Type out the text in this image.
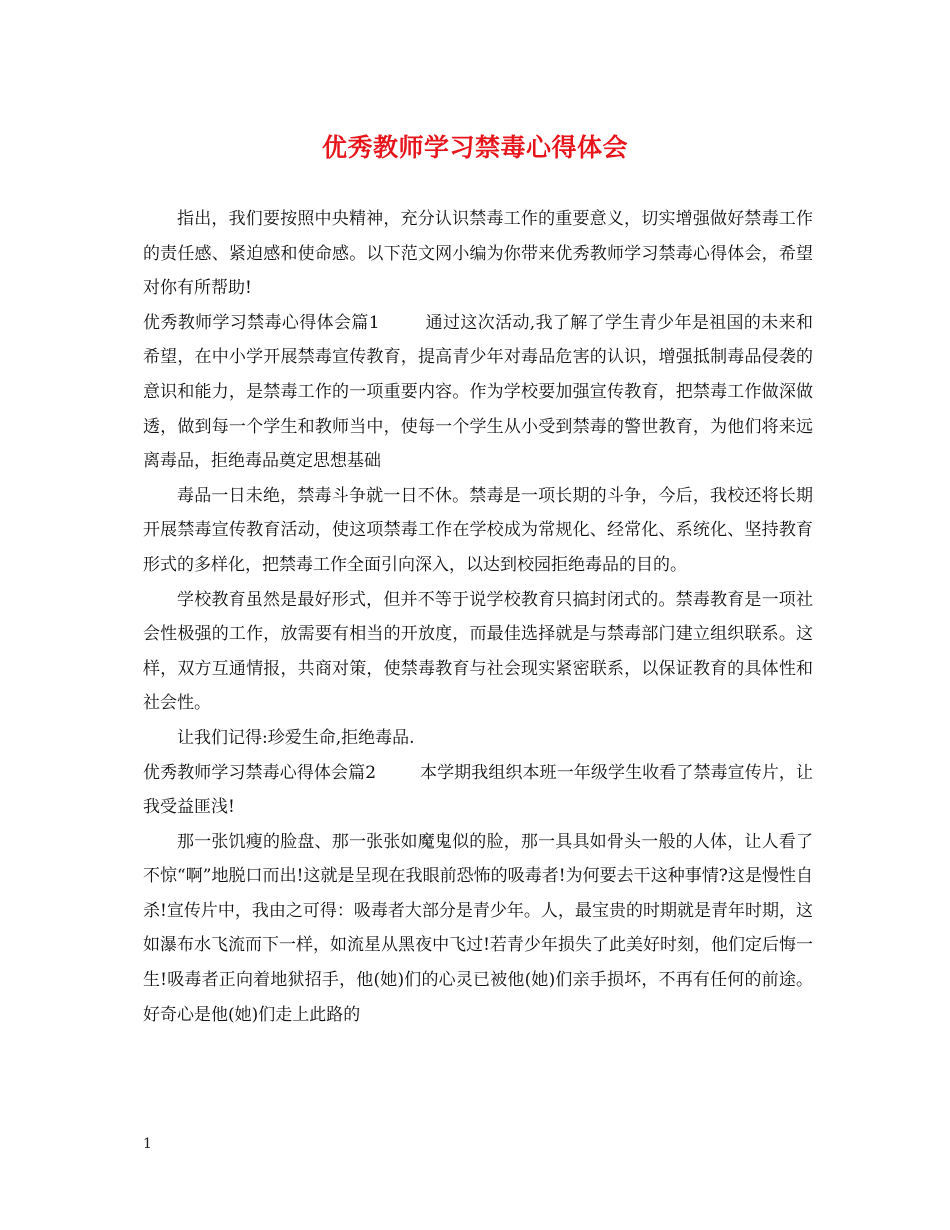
优秀教师学习禁毒心得体会

指出，我们要按照中央精神，充分认识禁毒工作的重要意义，切实增强做好禁毒工作的责任感、紧迫感和使命感。以下范文网小编为你带来优秀教师学习禁毒心得体会，希望对你有所帮助!

优秀教师学习禁毒心得体会篇1	通过这次活动,我了解了学生青少年是祖国的未来和希望，在中小学开展禁毒宣传教育，提高青少年对毒品危害的认识，增强抵制毒品侵袭的意识和能力，是禁毒工作的一项重要内容。作为学校要加强宣传教育，把禁毒工作做深做透，做到每一个学生和教师当中，使每一个学生从小受到禁毒的警世教育，为他们将来远离毒品，拒绝毒品奠定思想基础

毒品一日未绝，禁毒斗争就一日不休。禁毒是一项长期的斗争，今后，我校还将长期开展禁毒宣传教育活动，使这项禁毒工作在学校成为常规化、经常化、系统化、坚持教育形式的多样化，把禁毒工作全面引向深入，以达到校园拒绝毒品的目的。

学校教育虽然是最好形式，但并不等于说学校教育只搞封闭式的。禁毒教育是一项社会性极强的工作，放需要有相当的开放度，而最佳选择就是与禁毒部门建立组织联系。这样，双方互通情报，共商对策，使禁毒教育与社会现实紧密联系，以保证教育的具体性和社会性。

让我们记得:珍爱生命,拒绝毒品.

优秀教师学习禁毒心得体会篇2	本学期我组织本班一年级学生收看了禁毒宣传片，让我受益匪浅!

那一张饥瘦的脸盘、那一张张如魔鬼似的脸，那一具具如骨头一般的人体，让人看了不惊“啊”地脱口而出!这就是呈现在我眼前恐怖的吸毒者!为何要去干这种事情?这是慢性自杀!宣传片中，我由之可得：吸毒者大部分是青少年。人，最宝贵的时期就是青年时期，这如瀑布水飞流而下一样，如流星从黑夜中飞过!若青少年损失了此美好时刻，他们定后悔一生!吸毒者正向着地狱招手，他(她)们的心灵已被他(她)们亲手损坏，不再有任何的前途。好奇心是他(她)们走上此路的

1
